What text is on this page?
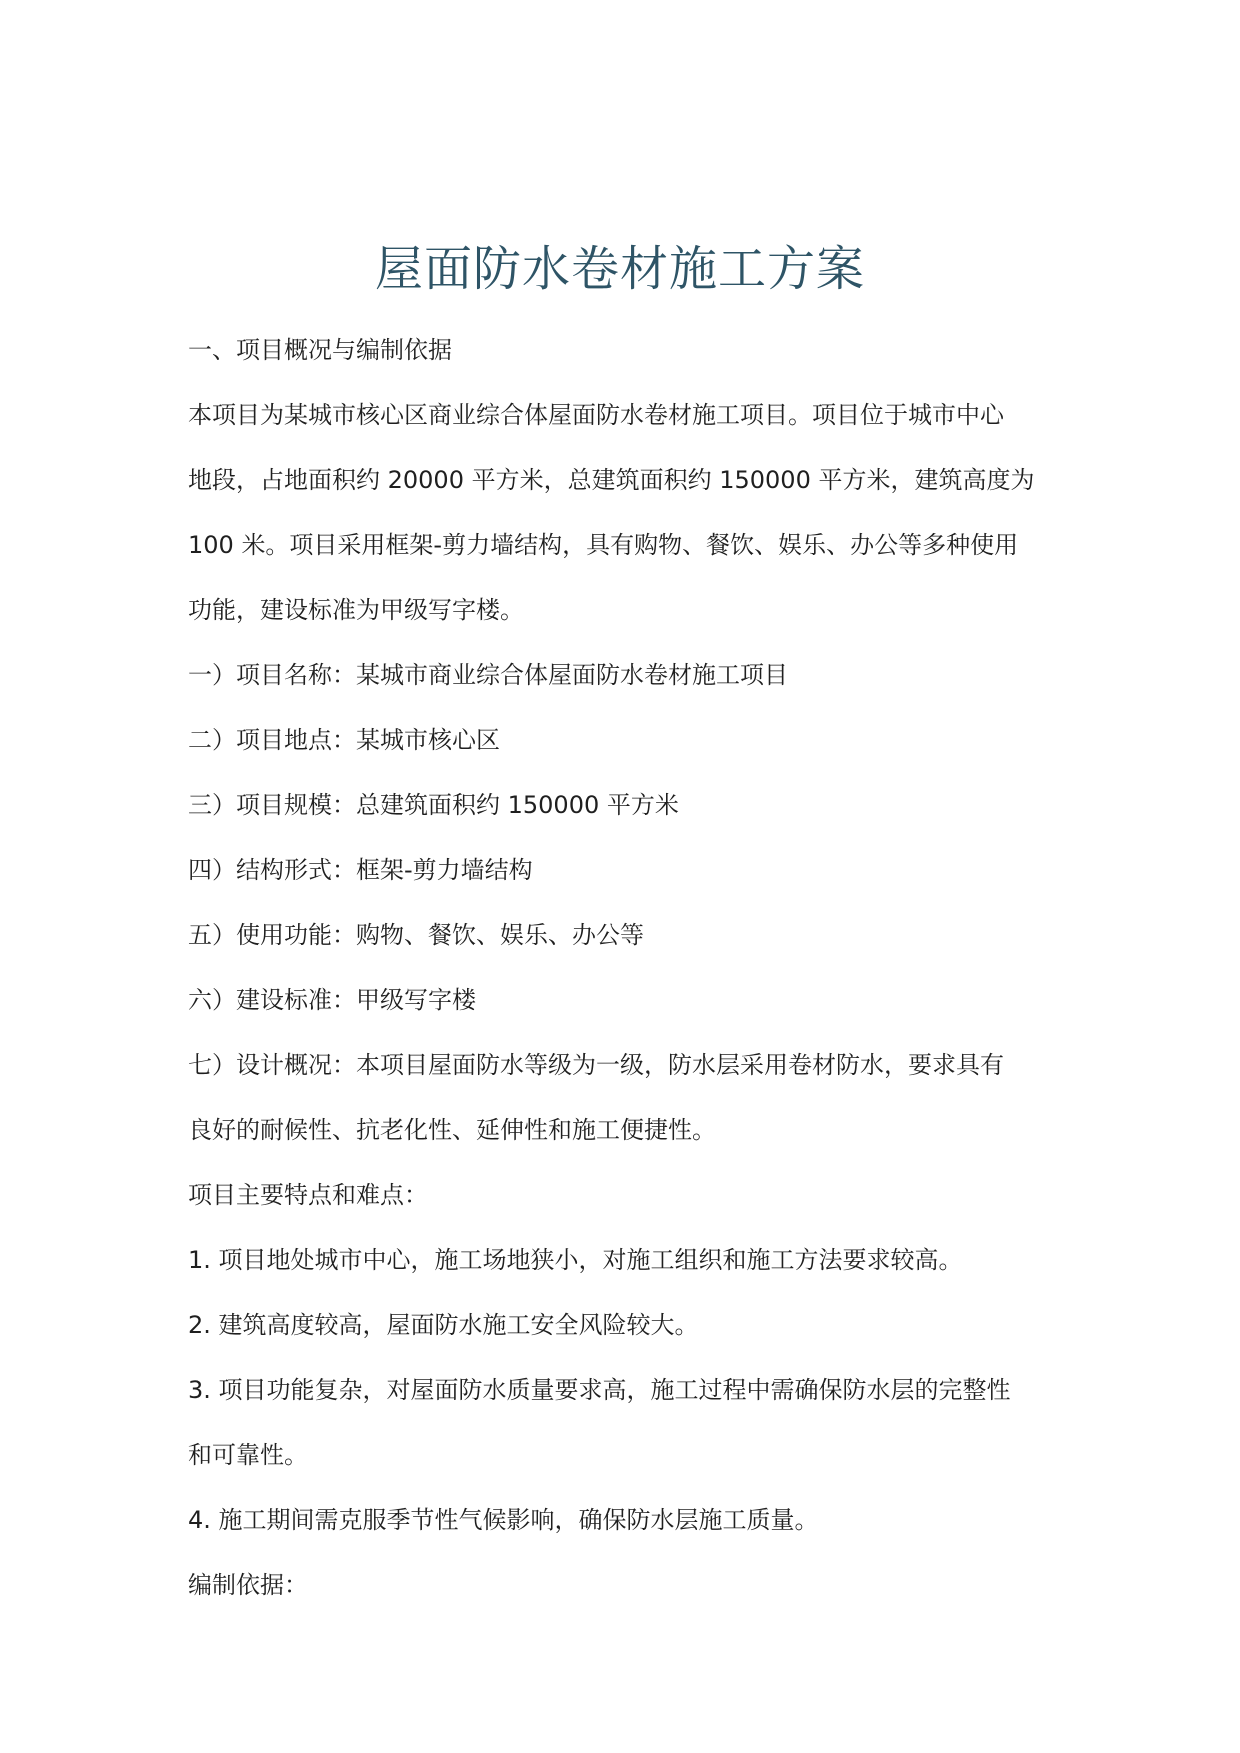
屋面防水卷材施工方案
一、项目概况与编制依据
本项目为某城市核心区商业综合体屋面防水卷材施工项目。项目位于城市中心
地段，占地面积约 20000 平方米，总建筑面积约 150000 平方米，建筑高度为
100 米。项目采用框架-剪力墙结构，具有购物、餐饮、娱乐、办公等多种使用
功能，建设标准为甲级写字楼。
一）项目名称：某城市商业综合体屋面防水卷材施工项目
二）项目地点：某城市核心区
三）项目规模：总建筑面积约 150000 平方米
四）结构形式：框架-剪力墙结构
五）使用功能：购物、餐饮、娱乐、办公等
六）建设标准：甲级写字楼
七）设计概况：本项目屋面防水等级为一级，防水层采用卷材防水，要求具有
良好的耐候性、抗老化性、延伸性和施工便捷性。
项目主要特点和难点：
1. 项目地处城市中心，施工场地狭小，对施工组织和施工方法要求较高。
2. 建筑高度较高，屋面防水施工安全风险较大。
3. 项目功能复杂，对屋面防水质量要求高，施工过程中需确保防水层的完整性
和可靠性。
4. 施工期间需克服季节性气候影响，确保防水层施工质量。
编制依据：
